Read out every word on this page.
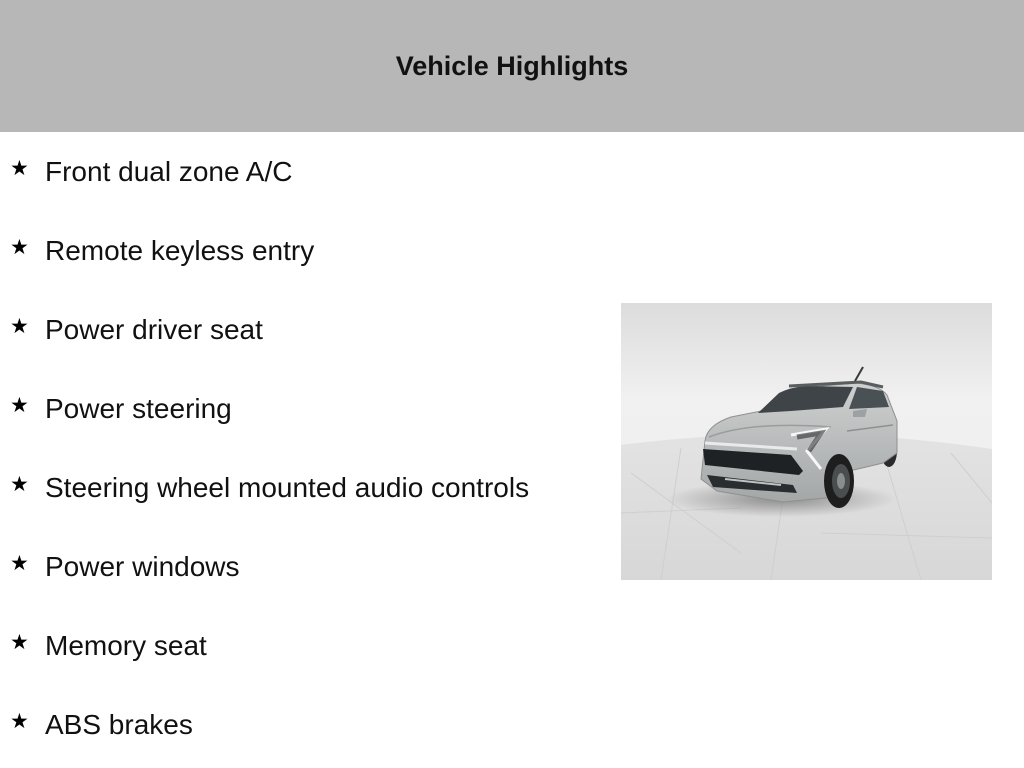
Vehicle Highlights
★ Front dual zone A/C
★ Remote keyless entry
★ Power driver seat
★ Power steering
★ Steering wheel mounted audio controls
★ Power windows
★ Memory seat
★ ABS brakes
